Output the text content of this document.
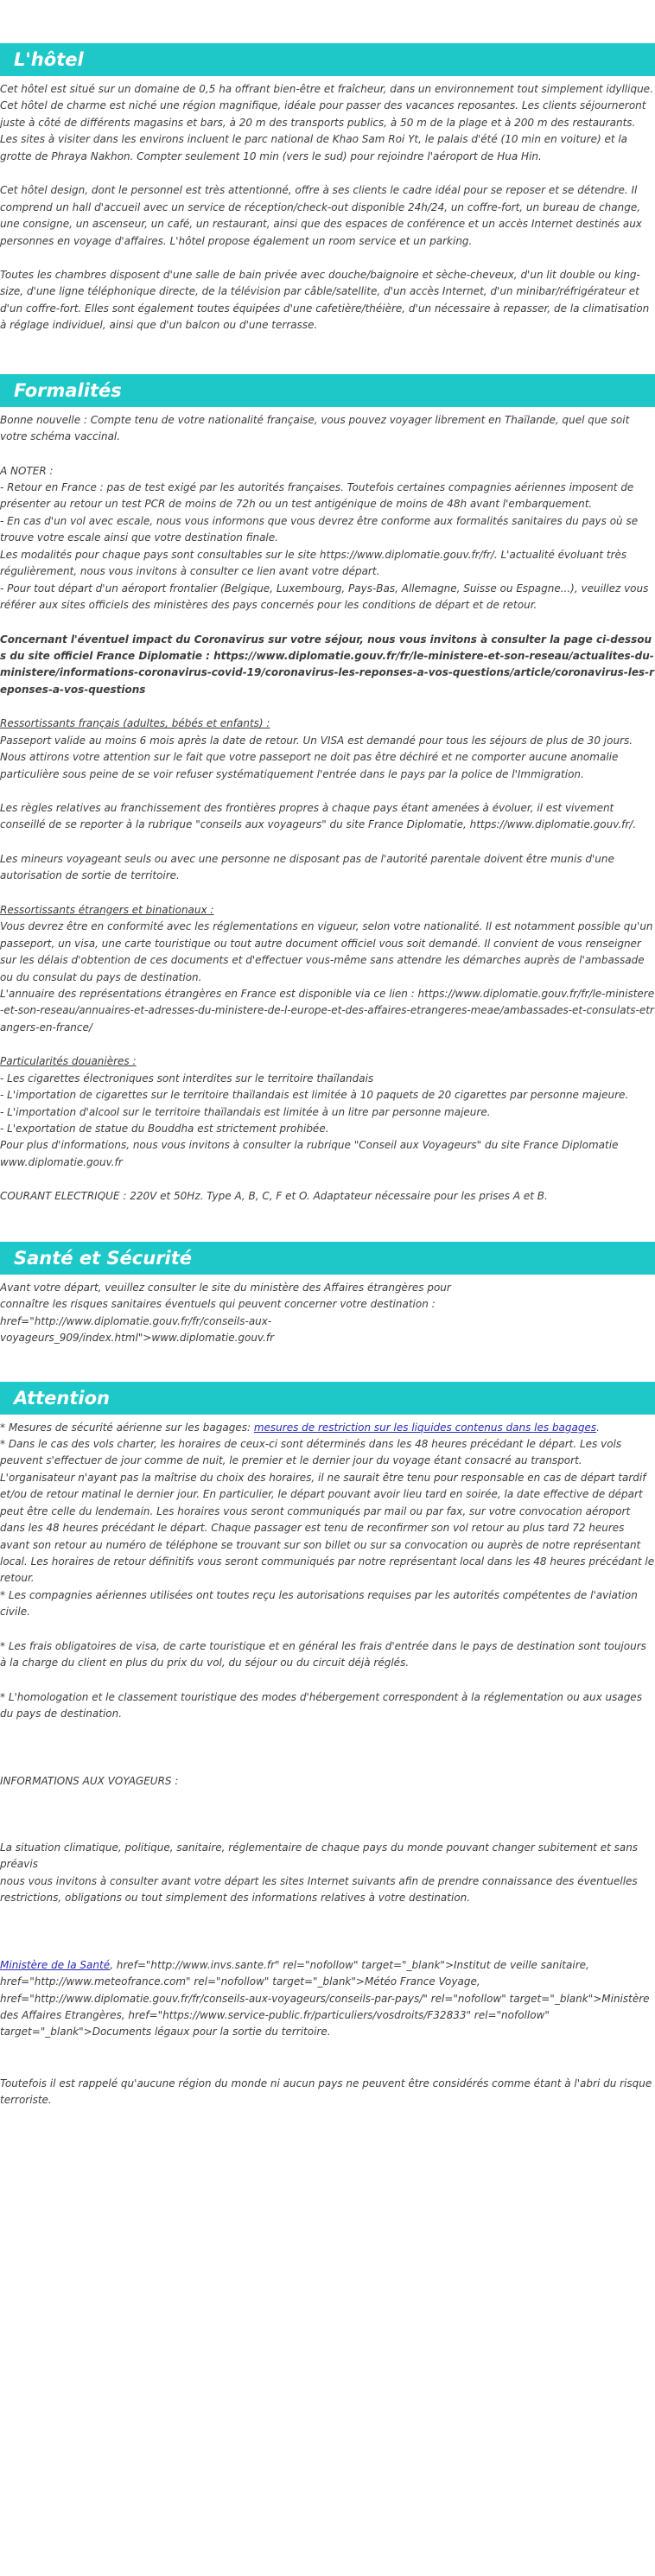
L'hôtel

Cet hôtel est situé sur un domaine de 0,5 ha offrant bien-être et fraîcheur, dans un environnement tout simplement idyllique. Cet hôtel de charme est niché une région magnifique, idéale pour passer des vacances reposantes. Les clients séjourneront juste à côté de différents magasins et bars, à 20 m des transports publics, à 50 m de la plage et à 200 m des restaurants. Les sites à visiter dans les environs incluent le parc national de Khao Sam Roi Yt, le palais d'été (10 min en voiture) et la grotte de Phraya Nakhon. Compter seulement 10 min (vers le sud) pour rejoindre l'aéroport de Hua Hin.

Cet hôtel design, dont le personnel est très attentionné, offre à ses clients le cadre idéal pour se reposer et se détendre. Il comprend un hall d'accueil avec un service de réception/check-out disponible 24h/24, un coffre-fort, un bureau de change, une consigne, un ascenseur, un café, un restaurant, ainsi que des espaces de conférence et un accès Internet destinés aux personnes en voyage d'affaires. L'hôtel propose également un room service et un parking.

Toutes les chambres disposent d'une salle de bain privée avec douche/baignoire et sèche-cheveux, d'un lit double ou king-size, d'une ligne téléphonique directe, de la télévision par câble/satellite, d'un accès Internet, d'un minibar/réfrigérateur et d'un coffre-fort. Elles sont également toutes équipées d'une cafetière/théière, d'un nécessaire à repasser, de la climatisation à réglage individuel, ainsi que d'un balcon ou d'une terrasse.

Formalités

Bonne nouvelle : Compte tenu de votre nationalité française, vous pouvez voyager librement en Thaïlande, quel que soit votre schéma vaccinal.

A NOTER :

- Retour en France : pas de test exigé par les autorités françaises. Toutefois certaines compagnies aériennes imposent de présenter au retour un test PCR de moins de 72h ou un test antigénique de moins de 48h avant l'embarquement.

- En cas d'un vol avec escale, nous vous informons que vous devrez être conforme aux formalités sanitaires du pays où se trouve votre escale ainsi que votre destination finale.

Les modalités pour chaque pays sont consultables sur le site https://www.diplomatie.gouv.fr/fr/. L'actualité évoluant très régulièrement, nous vous invitons à consulter ce lien avant votre départ.

- Pour tout départ d'un aéroport frontalier (Belgique, Luxembourg, Pays-Bas, Allemagne, Suisse ou Espagne...), veuillez vous référer aux sites officiels des ministères des pays concernés pour les conditions de départ et de retour.

Concernant l'éventuel impact du Coronavirus sur votre séjour, nous vous invitons à consulter la page ci-dessous du site officiel France Diplomatie : https://www.diplomatie.gouv.fr/fr/le-ministere-et-son-reseau/actualites-du-ministere/informations-coronavirus-covid-19/coronavirus-les-reponses-a-vos-questions/article/coronavirus-les-reponses-a-vos-questions

Ressortissants français (adultes, bébés et enfants) :

Passeport valide au moins 6 mois après la date de retour. Un VISA est demandé pour tous les séjours de plus de 30 jours. Nous attirons votre attention sur le fait que votre passeport ne doit pas être déchiré et ne comporter aucune anomalie particulière sous peine de se voir refuser systématiquement l'entrée dans le pays par la police de l'Immigration.

Les règles relatives au franchissement des frontières propres à chaque pays étant amenées à évoluer, il est vivement conseillé de se reporter à la rubrique "conseils aux voyageurs" du site France Diplomatie, https://www.diplomatie.gouv.fr/.

Les mineurs voyageant seuls ou avec une personne ne disposant pas de l'autorité parentale doivent être munis d'une autorisation de sortie de territoire.

Ressortissants étrangers et binationaux :

Vous devrez être en conformité avec les réglementations en vigueur, selon votre nationalité. Il est notamment possible qu'un passeport, un visa, une carte touristique ou tout autre document officiel vous soit demandé. Il convient de vous renseigner sur les délais d'obtention de ces documents et d'effectuer vous-même sans attendre les démarches auprès de l'ambassade ou du consulat du pays de destination.

L'annuaire des représentations étrangères en France est disponible via ce lien : https://www.diplomatie.gouv.fr/fr/le-ministere-et-son-reseau/annuaires-et-adresses-du-ministere-de-l-europe-et-des-affaires-etrangeres-meae/ambassades-et-consulats-etrangers-en-france/

Particularités douanières :

- Les cigarettes électroniques sont interdites sur le territoire thaïlandais

- L'importation de cigarettes sur le territoire thaïlandais est limitée à 10 paquets de 20 cigarettes par personne majeure.

- L'importation d'alcool sur le territoire thaïlandais est limitée à un litre par personne majeure.

- L'exportation de statue du Bouddha est strictement prohibée.

Pour plus d'informations, nous vous invitons à consulter la rubrique "Conseil aux Voyageurs" du site France Diplomatie www.diplomatie.gouv.fr

COURANT ELECTRIQUE : 220V et 50Hz. Type A, B, C, F et O. Adaptateur nécessaire pour les prises A et B.

Santé et Sécurité

Avant votre départ, veuillez consulter le site du ministère des Affaires étrangères pour connaître les risques sanitaires éventuels qui peuvent concerner votre destination : href="http://www.diplomatie.gouv.fr/fr/conseils-aux-voyageurs_909/index.html">www.diplomatie.gouv.fr

Attention

* Mesures de sécurité aérienne sur les bagages: mesures de restriction sur les liquides contenus dans les bagages.

* Dans le cas des vols charter, les horaires de ceux-ci sont déterminés dans les 48 heures précédant le départ. Les vols peuvent s'effectuer de jour comme de nuit, le premier et le dernier jour du voyage étant consacré au transport. L'organisateur n'ayant pas la maîtrise du choix des horaires, il ne saurait être tenu pour responsable en cas de départ tardif et/ou de retour matinal le dernier jour. En particulier, le départ pouvant avoir lieu tard en soirée, la date effective de départ peut être celle du lendemain. Les horaires vous seront communiqués par mail ou par fax, sur votre convocation aéroport dans les 48 heures précédant le départ. Chaque passager est tenu de reconfirmer son vol retour au plus tard 72 heures avant son retour au numéro de téléphone se trouvant sur son billet ou sur sa convocation ou auprès de notre représentant local. Les horaires de retour définitifs vous seront communiqués par notre représentant local dans les 48 heures précédant le retour.

* Les compagnies aériennes utilisées ont toutes reçu les autorisations requises par les autorités compétentes de l'aviation civile.

* Les frais obligatoires de visa, de carte touristique et en général les frais d'entrée dans le pays de destination sont toujours à la charge du client en plus du prix du vol, du séjour ou du circuit déjà réglés.

* L'homologation et le classement touristique des modes d'hébergement correspondent à la réglementation ou aux usages du pays de destination.

INFORMATIONS AUX VOYAGEURS :

La situation climatique, politique, sanitaire, réglementaire de chaque pays du monde pouvant changer subitement et sans préavis
nous vous invitons à consulter avant votre départ les sites Internet suivants afin de prendre connaissance des éventuelles restrictions, obligations ou tout simplement des informations relatives à votre destination.

Ministère de la Santé, href="http://www.invs.sante.fr" rel="nofollow" target="_blank">Institut de veille sanitaire, href="http://www.meteofrance.com" rel="nofollow" target="_blank">Météo France Voyage, href="http://www.diplomatie.gouv.fr/fr/conseils-aux-voyageurs/conseils-par-pays/" rel="nofollow" target="_blank">Ministère des Affaires Etrangères, href="https://www.service-public.fr/particuliers/vosdroits/F32833" rel="nofollow" target="_blank">Documents légaux pour la sortie du territoire.

Toutefois il est rappelé qu'aucune région du monde ni aucun pays ne peuvent être considérés comme étant à l'abri du risque terroriste.
